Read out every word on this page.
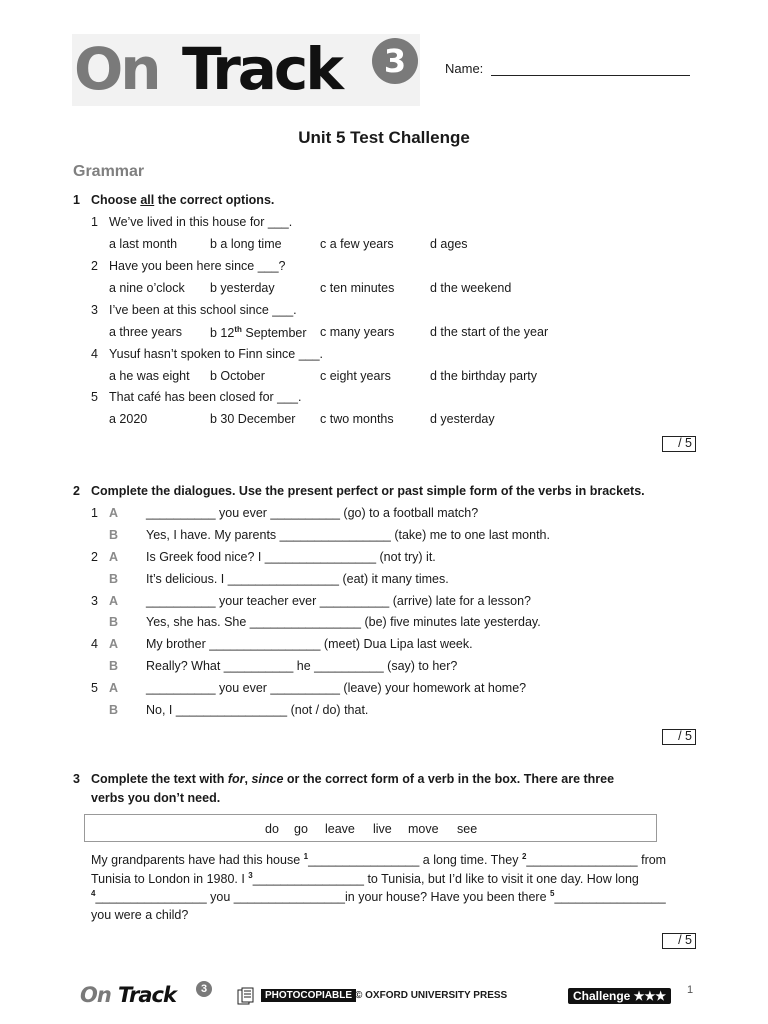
On Track	3	Name:
Unit 5 Test Challenge
Grammar
1 Choose all the correct options.
1 We’ve lived in this house for ___.
a last month	b a long time	c a few years	d ages
2 Have you been here since ___?
a nine o’clock b yesterday	c ten minutes	d the weekend
3 I’ve been at this school since ___.
a three years b 12th September c many years	d the start of the year
4 Yusuf hasn’t spoken to Finn since ___.
a he was eight b October	c eight years	d the birthday party
5 That café has been closed for ___.
a 2020	b 30 December c two months	d yesterday
/ 5
2 Complete the dialogues. Use the present perfect or past simple form of the verbs in brackets.
1 A __________ you ever __________ (go) to a football match?
B Yes, I have. My parents ________________ (take) me to one last month.
2 A Is Greek food nice? I ________________ (not try) it.
B It’s delicious. I ________________ (eat) it many times.
3 A __________ your teacher ever __________ (arrive) late for a lesson?
B Yes, she has. She ________________ (be) five minutes late yesterday.
4 A My brother ________________ (meet) Dua Lipa last week.
B Really? What __________ he __________ (say) to her?
5 A __________ you ever __________ (leave) your homework at home?
B No, I ________________ (not / do) that.
/ 5
3 Complete the text with for, since or the correct form of a verb in the box. There are three
verbs you don’t need.
do go leave live move see
My grandparents have had this house $^1$________________ a long time. They $^2$________________ from
Tunisia to London in 1980. I $^3$________________ to Tunisia, but I’d like to visit it one day. How long
$^4$________________ you ________________in your house? Have you been there $^5$________________
you were a child?
/ 5
On Track	3
PHOTOCOPIABLE © OXFORD UNIVERSITY PRESS	Challenge ★★★	1
